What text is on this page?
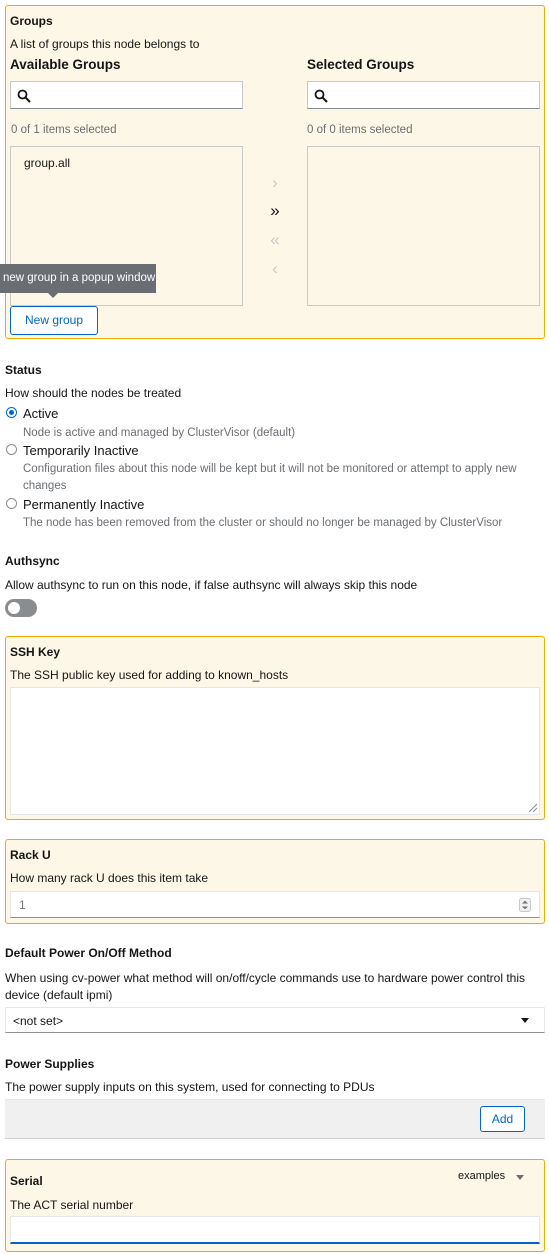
Groups
A list of groups this node belongs to
Available Groups	Selected Groups
0 of 1 items selected	0 of 0 items selected
group.all
›
»
«
‹
new group in a popup window
New group
Status
How should the nodes be treated
Active
Node is active and managed by ClusterVisor (default)
Temporarily Inactive
Configuration files about this node will be kept but it will not be monitored or attempt to apply new changes
Permanently Inactive
The node has been removed from the cluster or should no longer be managed by ClusterVisor
Authsync
Allow authsync to run on this node, if false authsync will always skip this node
SSH Key
The SSH public key used for adding to known_hosts
Rack U
How many rack U does this item take
1
Default Power On/Off Method
When using cv-power what method will on/off/cycle commands use to hardware power control this device (default ipmi)
<not set>
Power Supplies
The power supply inputs on this system, used for connecting to PDUs
Add
Serial	examples
The ACT serial number
